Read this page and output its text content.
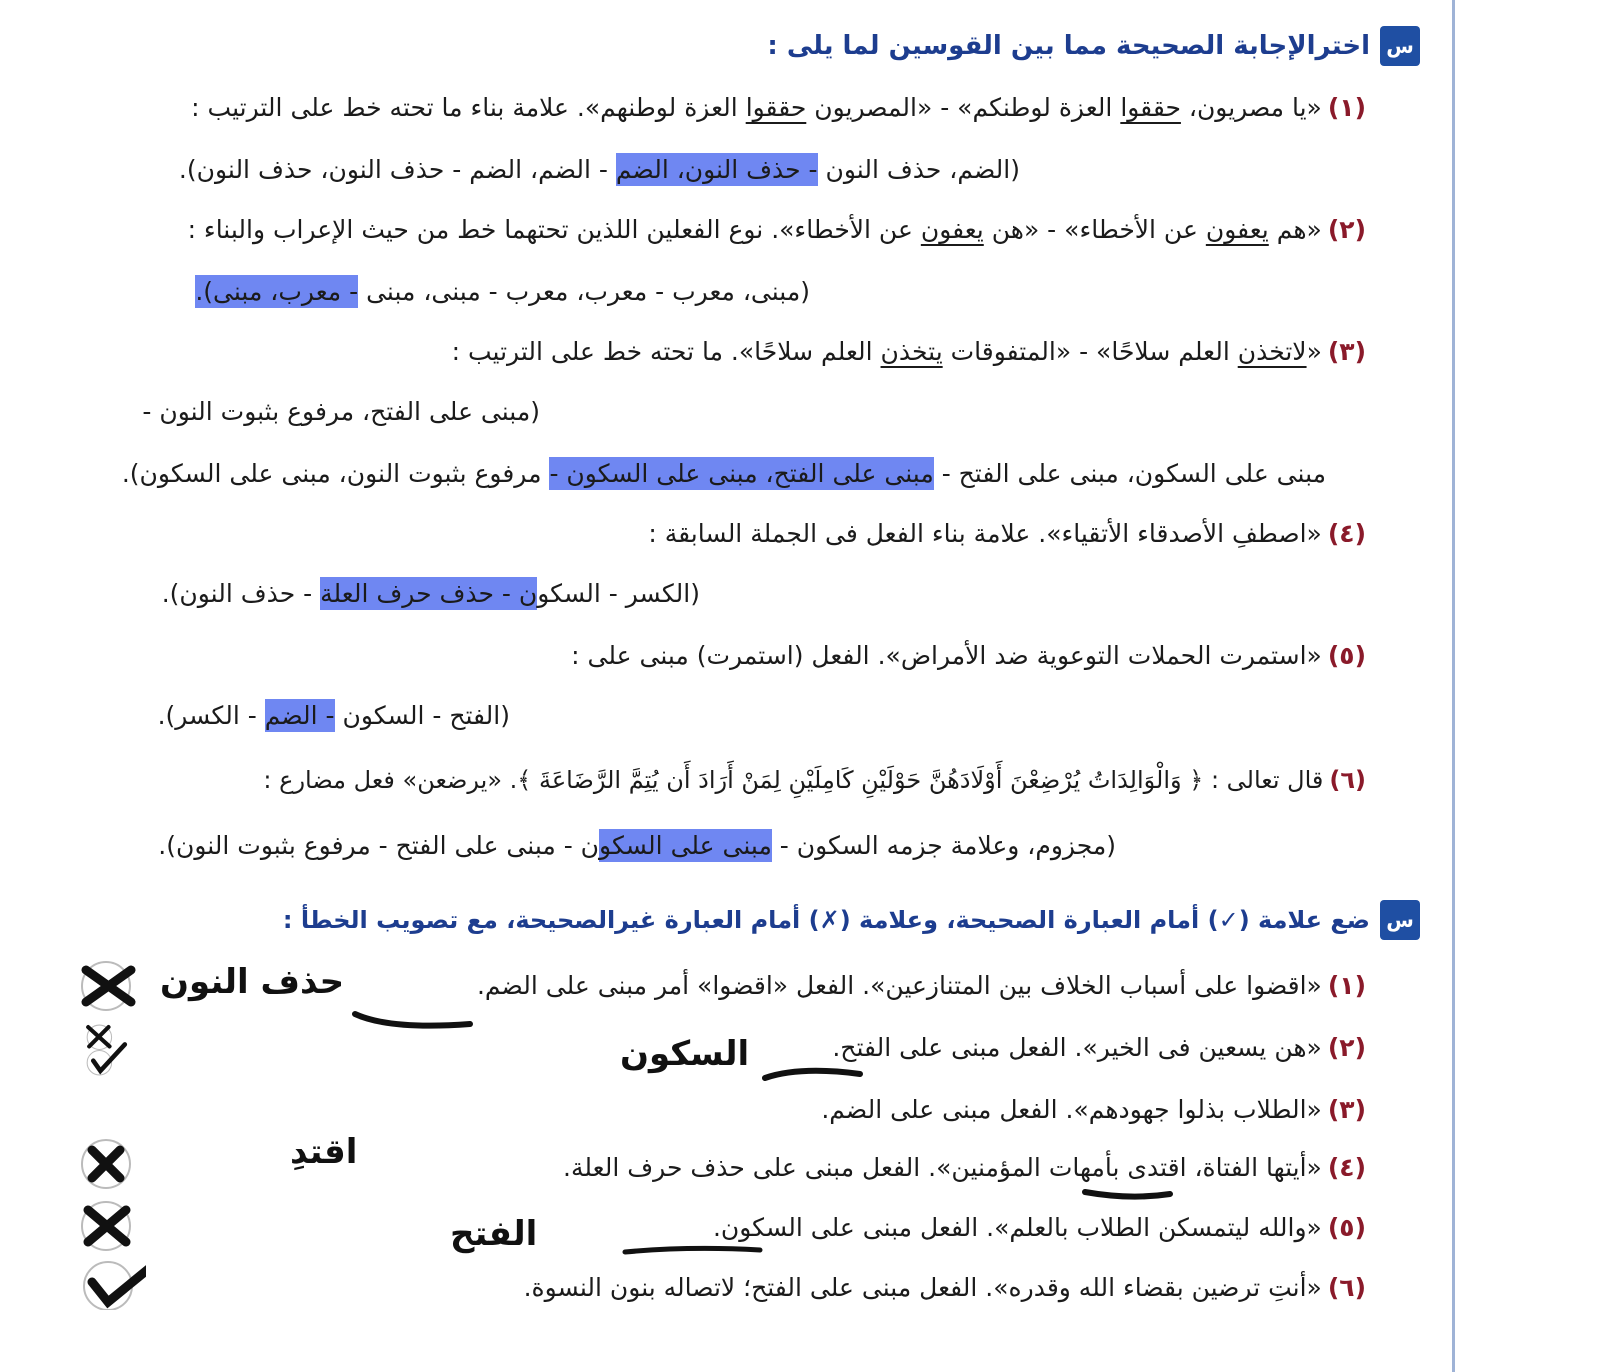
س
اخترالإجابة الصحيحة مما بين القوسين لما يلى :
(١)«يا مصريون، حققوا العزة لوطنكم» - «المصريون حققوا العزة لوطنهم». علامة بناء ما تحته خط على الترتيب :
(الضم، حذف النون - حذف النون، الضم - الضم، الضم - حذف النون، حذف النون).
(٢)«هم يعفون عن الأخطاء» - «هن يعفون عن الأخطاء». نوع الفعلين اللذين تحتهما خط من حيث الإعراب والبناء :
(مبنى، معرب - معرب، معرب - مبنى، مبنى - معرب، مبنى).
(٣)«لاتخذن العلم سلاحًا» - «المتفوقات يتخذن العلم سلاحًا». ما تحته خط على الترتيب :
(مبنى على الفتح، مرفوع بثبوت النون -
مبنى على السكون، مبنى على الفتح - مبنى على الفتح، مبنى على السكون - مرفوع بثبوت النون، مبنى على السكون).
(٤)«اصطفِ الأصدقاء الأتقياء». علامة بناء الفعل فى الجملة السابقة :
(الكسر - السكون - حذف حرف العلة - حذف النون).
(٥)«استمرت الحملات التوعوية ضد الأمراض». الفعل (استمرت) مبنى على :
(الفتح - السكون - الضم - الكسر).
(٦)قال تعالى : ﴿ وَالْوَالِدَاتُ يُرْضِعْنَ أَوْلَادَهُنَّ حَوْلَيْنِ كَامِلَيْنِ لِمَنْ أَرَادَ أَن يُتِمَّ الرَّضَاعَةَ ﴾. «يرضعن» فعل مضارع :
(مجزوم، وعلامة جزمه السكون - مبنى على السكون - مبنى على الفتح - مرفوع بثبوت النون).
س
ضع علامة (✓) أمام العبارة الصحيحة، وعلامة (✗) أمام العبارة غيرالصحيحة، مع تصويب الخطأ :
(١)«اقضوا على أسباب الخلاف بين المتنازعين». الفعل «اقضوا» أمر مبنى على الضم.
حذف النون
(٢)«هن يسعين فى الخير». الفعل مبنى على الفتح.
السكون
(٣)«الطلاب بذلوا جهودهم». الفعل مبنى على الضم.
(٤)«أيتها الفتاة، اقتدى بأمهات المؤمنين». الفعل مبنى على حذف حرف العلة.
اقتدِ
(٥)«والله ليتمسكن الطلاب بالعلم». الفعل مبنى على السكون.
الفتح
(٦)«أنتِ ترضين بقضاء الله وقدره». الفعل مبنى على الفتح؛ لاتصاله بنون النسوة.
